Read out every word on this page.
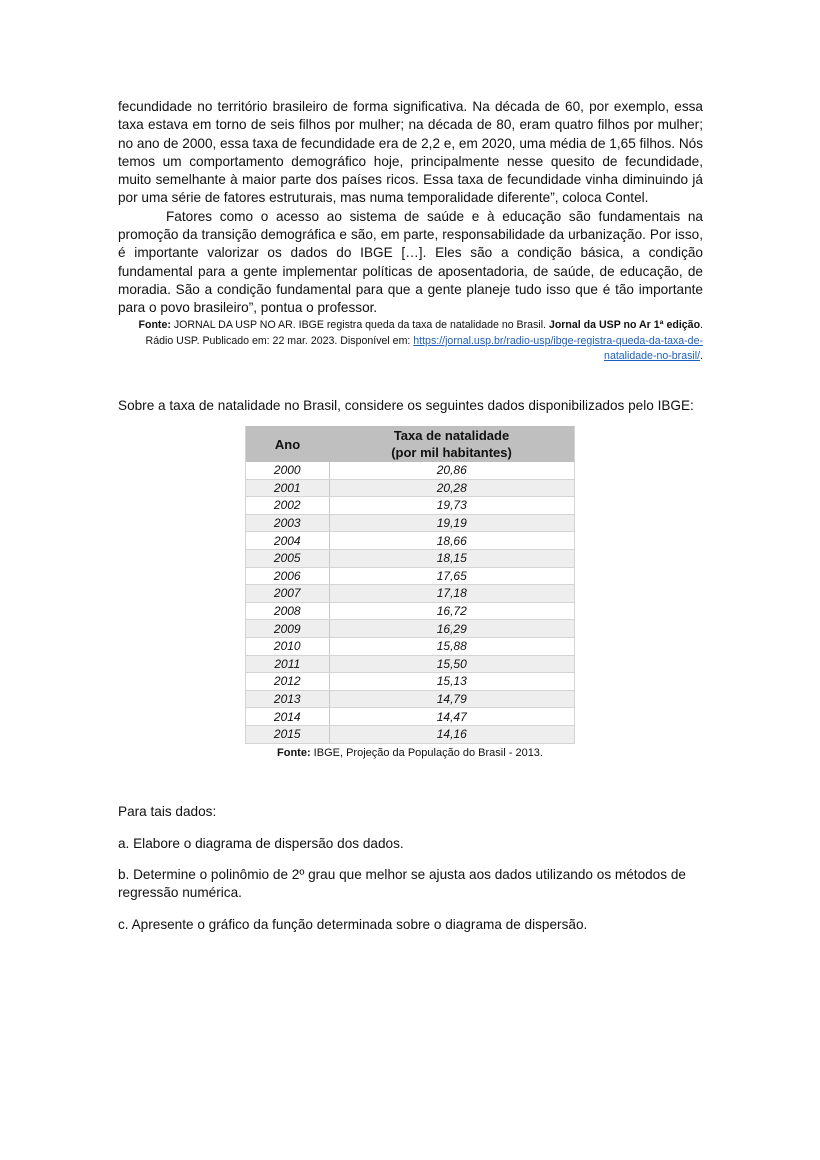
fecundidade no território brasileiro de forma significativa. Na década de 60, por exemplo, essa taxa estava em torno de seis filhos por mulher; na década de 80, eram quatro filhos por mulher; no ano de 2000, essa taxa de fecundidade era de 2,2 e, em 2020, uma média de 1,65 filhos. Nós temos um comportamento demográfico hoje, principalmente nesse quesito de fecundidade, muito semelhante à maior parte dos países ricos. Essa taxa de fecundidade vinha diminuindo já por uma série de fatores estruturais, mas numa temporalidade diferente”, coloca Contel.

Fatores como o acesso ao sistema de saúde e à educação são fundamentais na promoção da transição demográfica e são, em parte, responsabilidade da urbanização. Por isso, é importante valorizar os dados do IBGE […]. Eles são a condição básica, a condição fundamental para a gente implementar políticas de aposentadoria, de saúde, de educação, de moradia. São a condição fundamental para que a gente planeje tudo isso que é tão importante para o povo brasileiro”, pontua o professor.

Fonte: JORNAL DA USP NO AR. IBGE registra queda da taxa de natalidade no Brasil. Jornal da USP no Ar 1ª edição. Rádio USP. Publicado em: 22 mar. 2023. Disponível em: https://jornal.usp.br/radio-usp/ibge-registra-queda-da-taxa-de-natalidade-no-brasil/.
Sobre a taxa de natalidade no Brasil, considere os seguintes dados disponibilizados pelo IBGE:
Ano	Taxa de natalidade
(por mil habitantes)

2000	20,86
2001	20,28
2002	19,73
2003	19,19
2004	18,66
2005	18,15
2006	17,65
2007	17,18
2008	16,72
2009	16,29
2010	15,88
2011	15,50
2012	15,13
2013	14,79
2014	14,47
2015	14,16
Fonte: IBGE, Projeção da População do Brasil - 2013.

Para tais dados:

a. Elabore o diagrama de dispersão dos dados.

b. Determine o polinômio de 2º grau que melhor se ajusta aos dados utilizando os métodos de regressão numérica.

c. Apresente o gráfico da função determinada sobre o diagrama de dispersão.
